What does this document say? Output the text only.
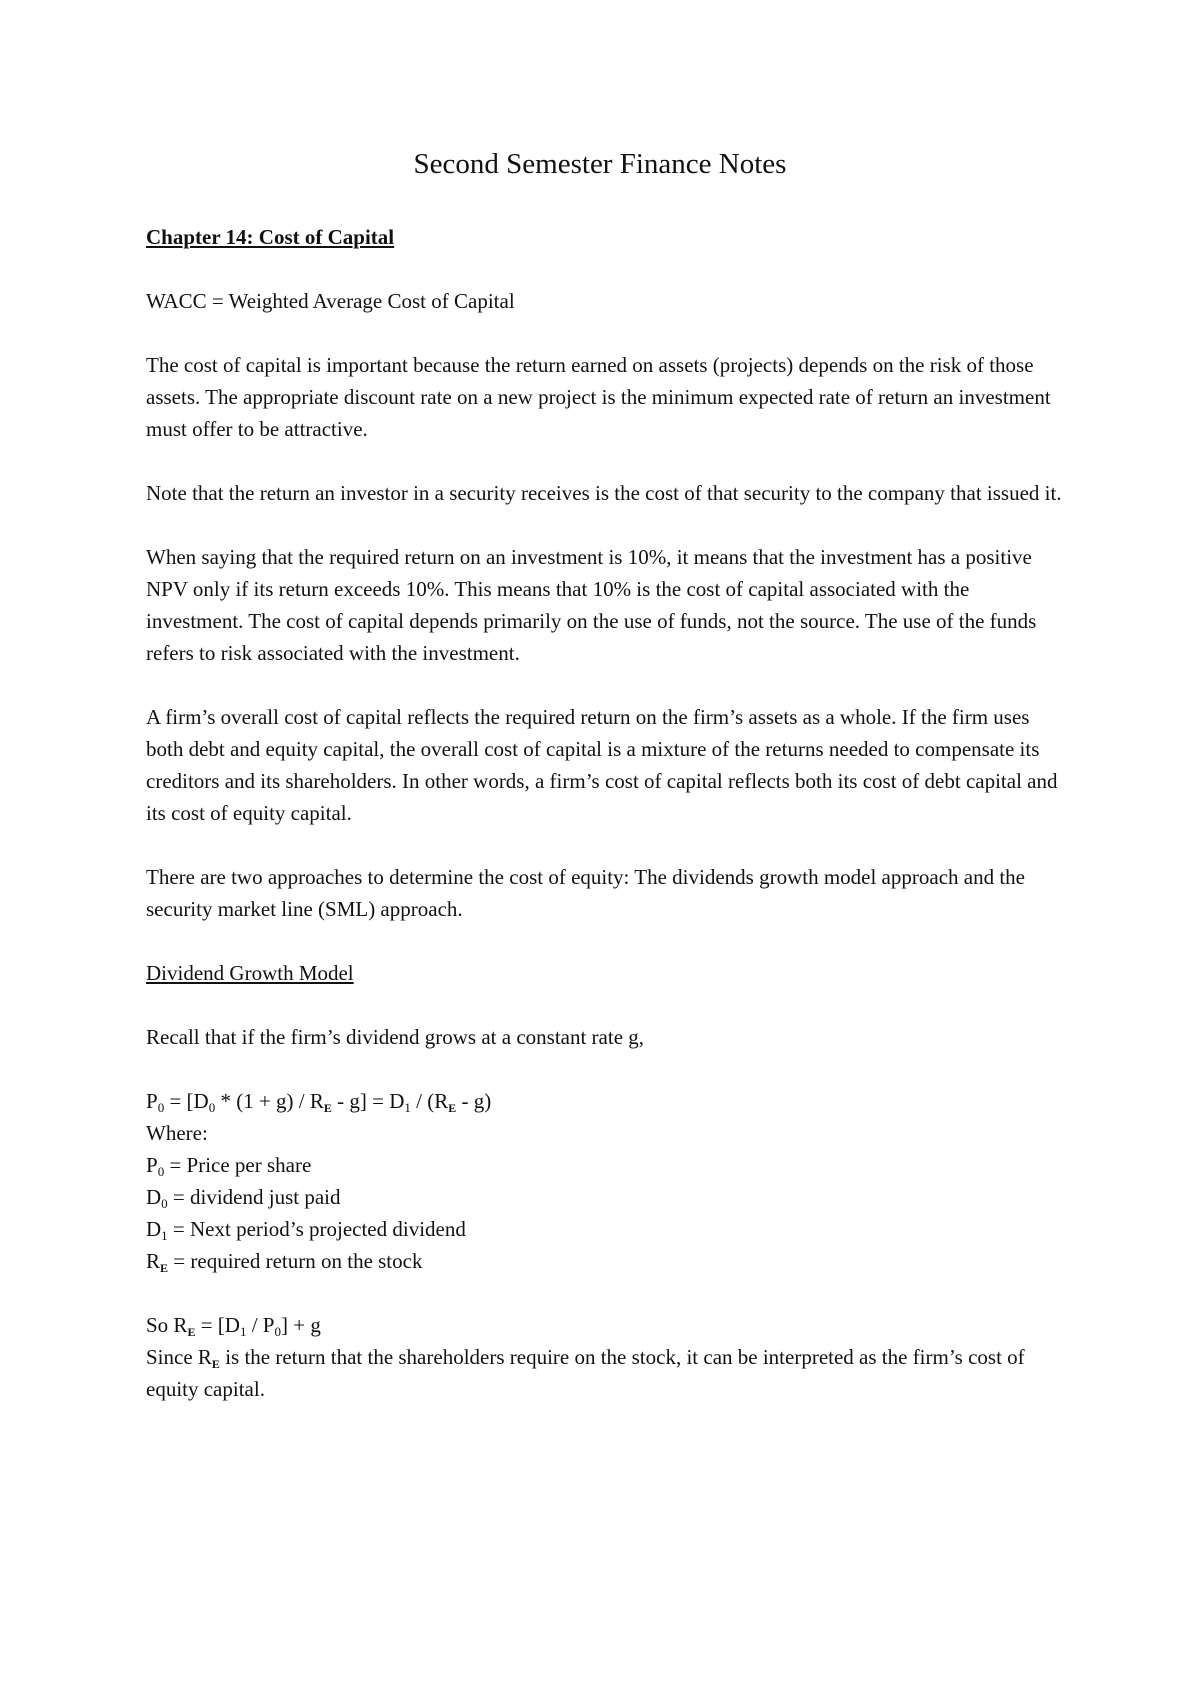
Second Semester Finance Notes

Chapter 14: Cost of Capital

WACC = Weighted Average Cost of Capital

The cost of capital is important because the return earned on assets (projects) depends on the risk of those assets. The appropriate discount rate on a new project is the minimum expected rate of return an investment must offer to be attractive.

Note that the return an investor in a security receives is the cost of that security to the company that issued it.

When saying that the required return on an investment is 10%, it means that the investment has a positive NPV only if its return exceeds 10%. This means that 10% is the cost of capital associated with the investment. The cost of capital depends primarily on the use of funds, not the source. The use of the funds refers to risk associated with the investment.

A firm’s overall cost of capital reflects the required return on the firm’s assets as a whole. If the firm uses both debt and equity capital, the overall cost of capital is a mixture of the returns needed to compensate its creditors and its shareholders. In other words, a firm’s cost of capital reflects both its cost of debt capital and its cost of equity capital.

There are two approaches to determine the cost of equity: The dividends growth model approach and the security market line (SML) approach.

Dividend Growth Model

Recall that if the firm’s dividend grows at a constant rate g,

$P_0 = [D_0 * (1 + g) / R_E - g] = D_1 / (R_E - g)$

Where:

$P_0$ = Price per share

$D_0$ = dividend just paid

$D_1$ = Next period’s projected dividend

$R_E$ = required return on the stock

So $R_E = [D_1 / P_0] + g$

Since $R_E$ is the return that the shareholders require on the stock, it can be interpreted as the firm’s cost of equity capital.
